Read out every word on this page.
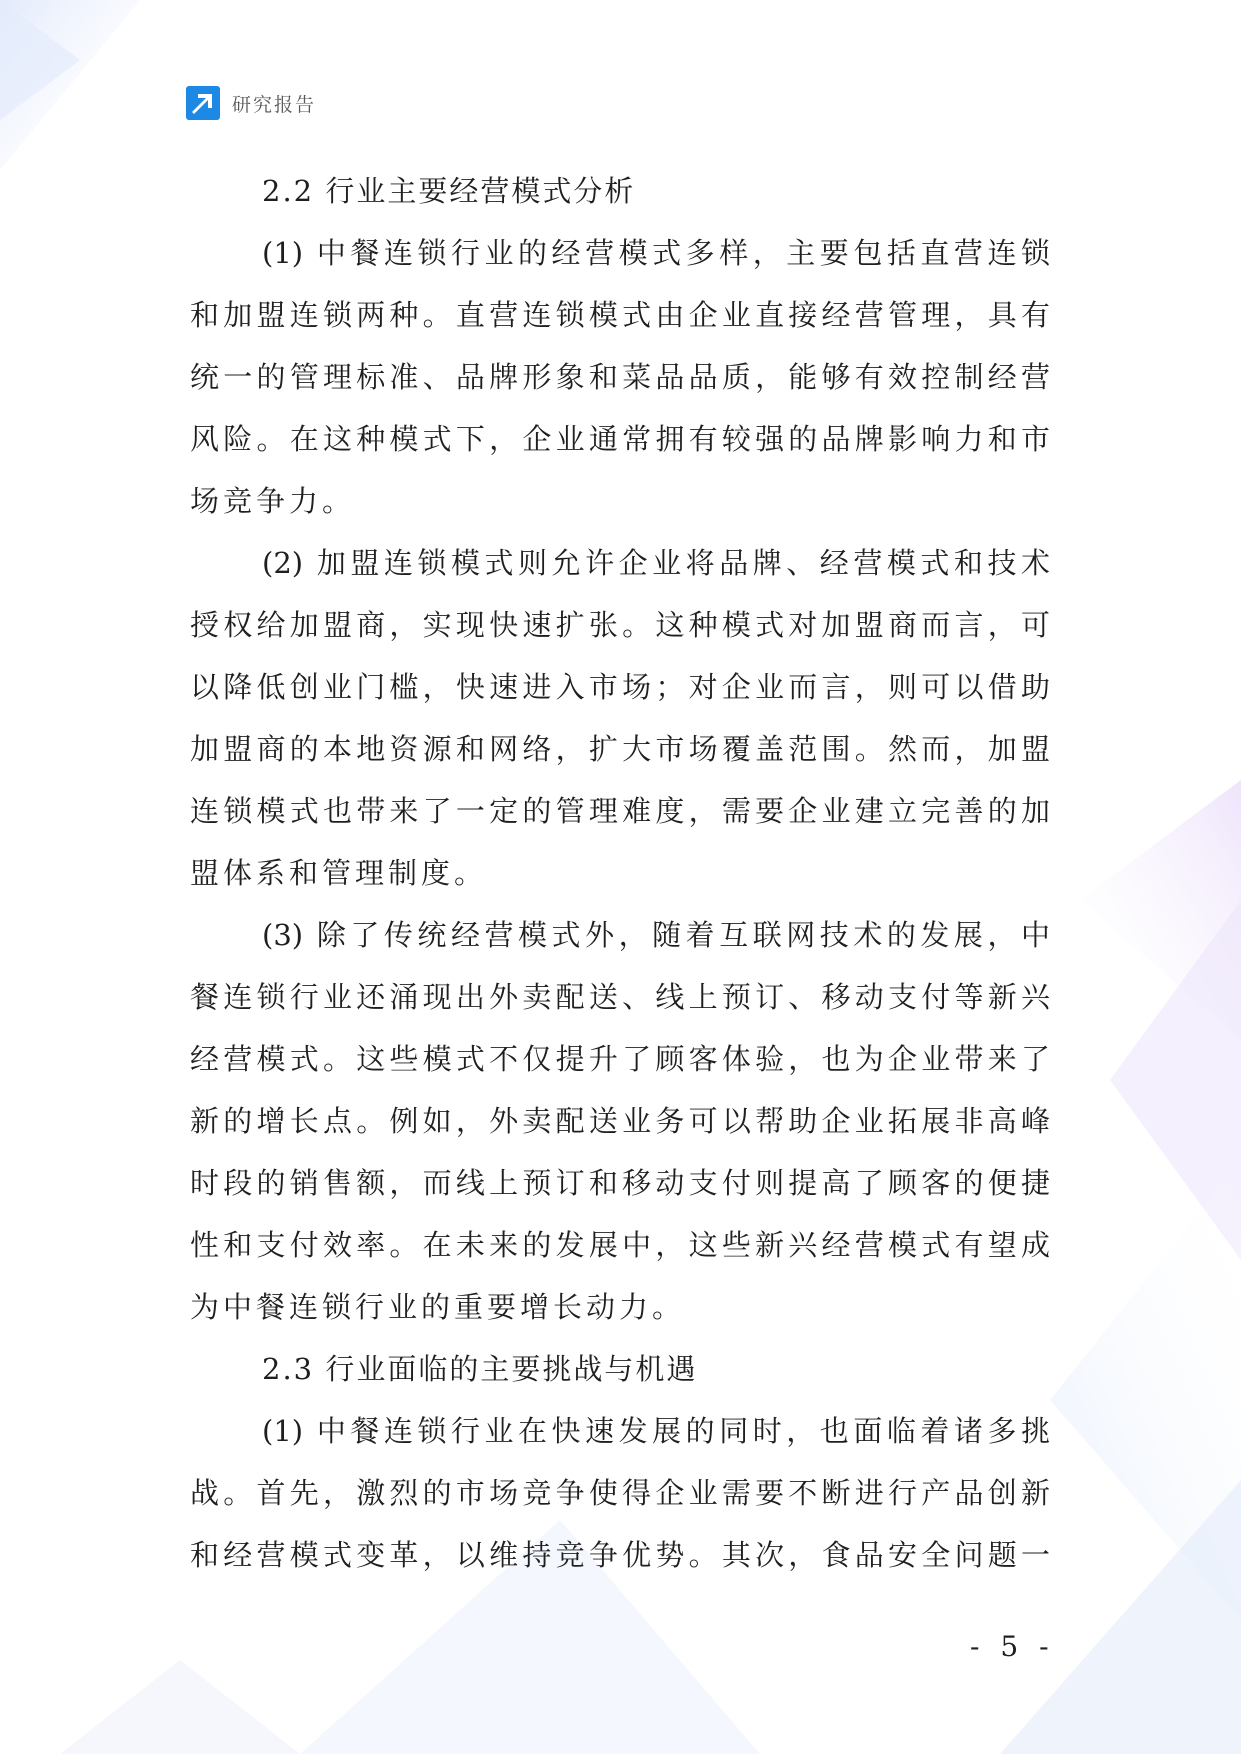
研究报告
2.2 行业主要经营模式分析
(1) 中餐连锁行业的经营模式多样，主要包括直营连锁
和加盟连锁两种。直营连锁模式由企业直接经营管理，具有
统一的管理标准、品牌形象和菜品品质，能够有效控制经营
风险。在这种模式下，企业通常拥有较强的品牌影响力和市
场竞争力。
(2) 加盟连锁模式则允许企业将品牌、经营模式和技术
授权给加盟商，实现快速扩张。这种模式对加盟商而言，可
以降低创业门槛，快速进入市场；对企业而言，则可以借助
加盟商的本地资源和网络，扩大市场覆盖范围。然而，加盟
连锁模式也带来了一定的管理难度，需要企业建立完善的加
盟体系和管理制度。
(3) 除了传统经营模式外，随着互联网技术的发展，中
餐连锁行业还涌现出外卖配送、线上预订、移动支付等新兴
经营模式。这些模式不仅提升了顾客体验，也为企业带来了
新的增长点。例如，外卖配送业务可以帮助企业拓展非高峰
时段的销售额，而线上预订和移动支付则提高了顾客的便捷
性和支付效率。在未来的发展中，这些新兴经营模式有望成
为中餐连锁行业的重要增长动力。
2.3 行业面临的主要挑战与机遇
(1) 中餐连锁行业在快速发展的同时，也面临着诸多挑
战。首先，激烈的市场竞争使得企业需要不断进行产品创新
和经营模式变革，以维持竞争优势。其次，食品安全问题一
- 5 -
